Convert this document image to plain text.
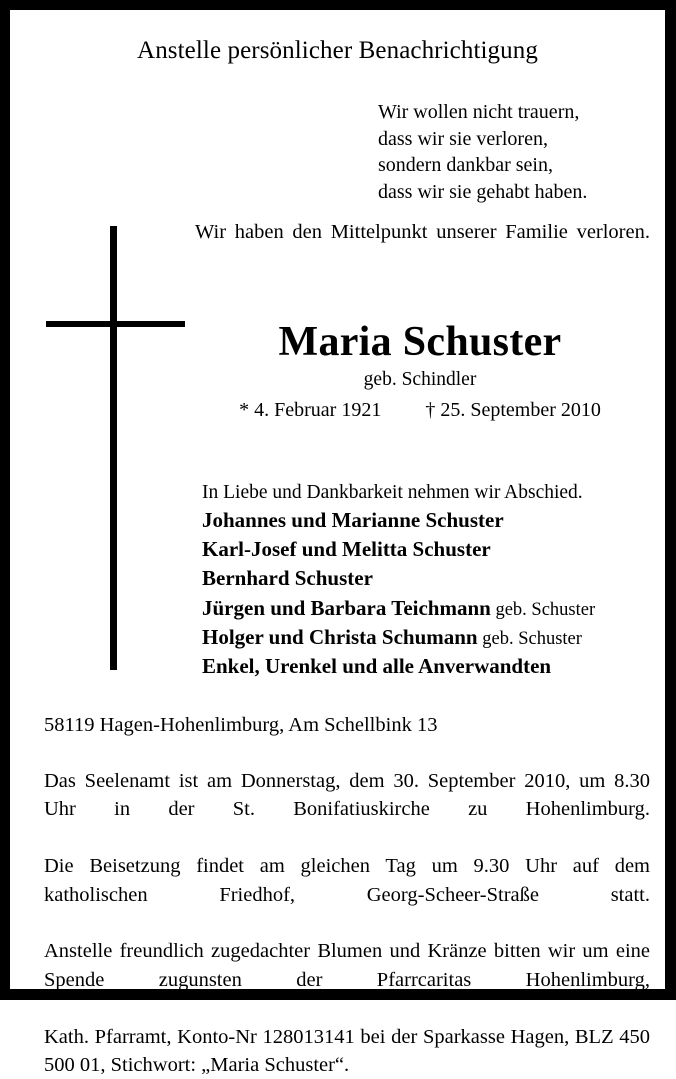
Anstelle persönlicher Benachrichtigung
Wir wollen nicht trauern,
dass wir sie verloren,
sondern dankbar sein,
dass wir sie gehabt haben.
Wir haben den Mittelpunkt unserer Familie verloren.
Maria Schuster
geb. Schindler
* 4. Februar 1921 † 25. September 2010
In Liebe und Dankbarkeit nehmen wir Abschied.
Johannes und Marianne Schuster
Karl-Josef und Melitta Schuster
Bernhard Schuster
Jürgen und Barbara Teichmann geb. Schuster
Holger und Christa Schumann geb. Schuster
Enkel, Urenkel und alle Anverwandten
58119 Hagen-Hohenlimburg, Am Schellbink 13

Das Seelenamt ist am Donnerstag, dem 30. September 2010, um 8.30 Uhr in der St. Bonifatiuskirche zu Hohenlimburg.

Die Beisetzung findet am gleichen Tag um 9.30 Uhr auf dem katholischen Friedhof, Georg-Scheer-Straße statt.

Anstelle freundlich zugedachter Blumen und Kränze bitten wir um eine Spende zugunsten der Pfarrcaritas Hohenlimburg,

Kath. Pfarramt, Konto-Nr 128013141 bei der Sparkasse Hagen, BLZ 450 500 01, Stichwort: „Maria Schuster“.
